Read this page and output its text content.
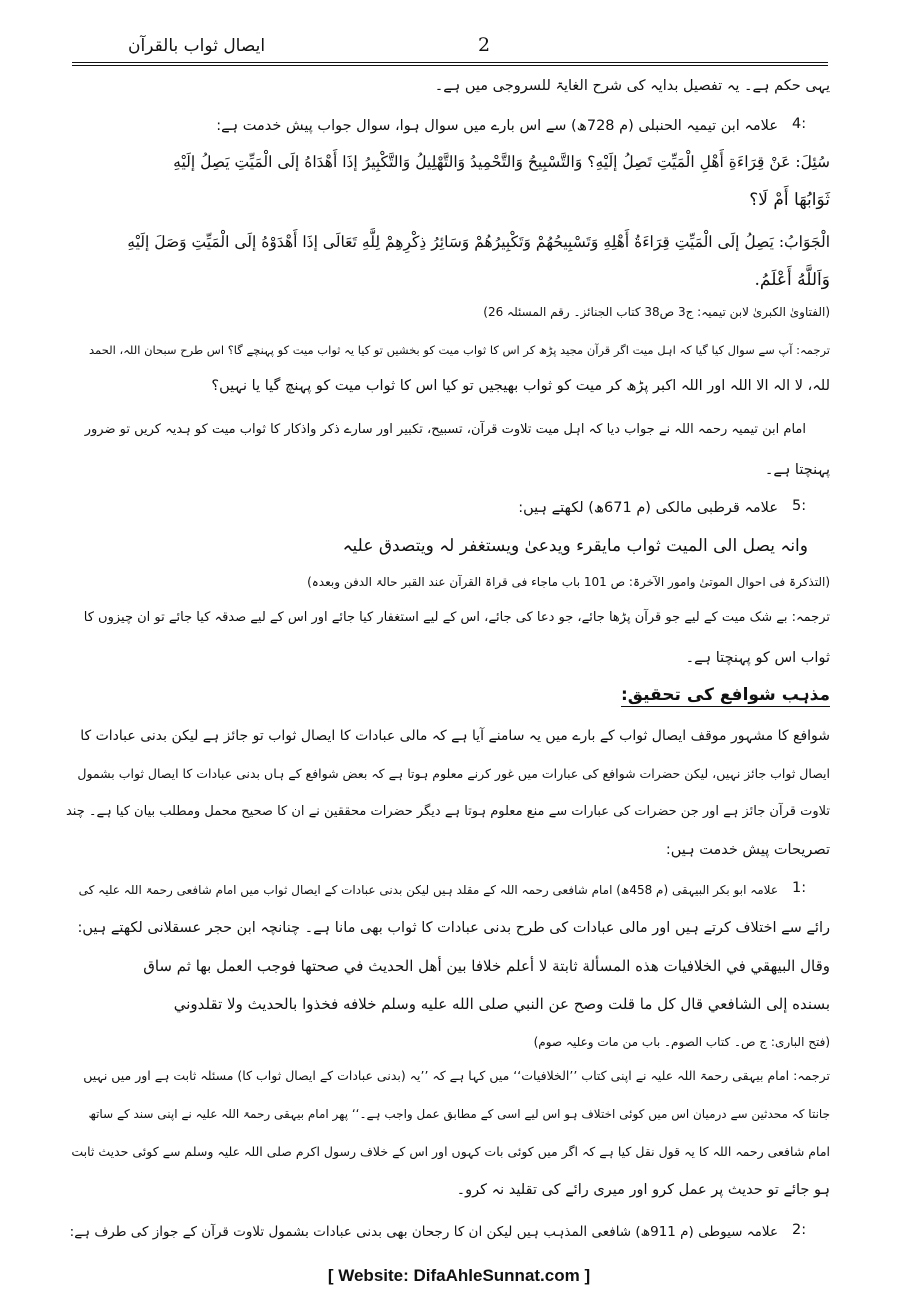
ایصال ثواب بالقرآن	2
یہی حکم ہے۔ یہ تفصیل بدایہ کی شرح الغایۃ للسروجی میں ہے۔
4:
علامہ ابن تیمیہ الحنبلی (م 728ھ) سے اس بارے میں سوال ہوا، سوال جواب پیش خدمت ہے:
سُئِلَ: عَنْ قِرَاءَةِ أَهْلِ الْمَيِّتِ تَصِلُ إلَيْهِ؟ وَالتَّسْبِيحُ وَالتَّحْمِيدُ وَالتَّهْلِيلُ وَالتَّكْبِيرُ إذَا أَهْدَاهُ إلَى الْمَيِّتِ يَصِلُ إلَيْهِ
ثَوَابُهَا أَمْ لَا؟
الْجَوَابُ: يَصِلُ إلَى الْمَيِّتِ قِرَاءَةُ أَهْلِهِ وَتَسْبِيحُهُمْ وَتَكْبِيرُهُمْ وَسَائِرُ ذِكْرِهِمْ لِلَّهِ تَعَالَى إذَا أَهْدَوْهُ إلَى الْمَيِّتِ وَصَلَ إلَيْهِ
وَاَللَّهُ أَعْلَمُ.
(الفتاویٰ الکبریٰ لابن تیمیہ: ج3 ص38 کتاب الجنائز۔ رقم المسئلہ 26)
ترجمہ: آپ سے سوال کیا گیا کہ اہل میت اگر قرآن مجید پڑھ کر اس کا ثواب میت کو بخشیں تو کیا یہ ثواب میت کو پہنچے گا؟ اس طرح سبحان اللہ، الحمد
للہ، لا الہ الا اللہ اور اللہ اکبر پڑھ کر میت کو ثواب بھیجیں تو کیا اس کا ثواب میت کو پہنچ گیا یا نہیں؟
امام ابن تیمیہ رحمہ اللہ نے جواب دیا کہ اہل میت تلاوت قرآن، تسبیح، تکبیر اور سارے ذکر واذکار کا ثواب میت کو ہدیہ کریں تو ضرور
پہنچتا ہے۔
5:
علامہ قرطبی مالکی (م 671ھ) لکھتے ہیں:
وانہ یصل الی المیت ثواب مایقرء ویدعیٰ ویستغفر لہ ویتصدق علیہ
(التذکرۃ فی احوال الموتیٰ وامور الآخرۃ: ص 101 باب ماجاء فی قراۃ القرآن عند القبر حالۃ الدفن وبعدہ)
ترجمہ: بے شک میت کے لیے جو قرآن پڑھا جائے، جو دعا کی جائے، اس کے لیے استغفار کیا جائے اور اس کے لیے صدقہ کیا جائے تو ان چیزوں کا
ثواب اس کو پہنچتا ہے۔
مذہب شوافع کی تحقیق:
شوافع کا مشہور موقف ایصال ثواب کے بارے میں یہ سامنے آیا ہے کہ مالی عبادات کا ایصال ثواب تو جائز ہے لیکن بدنی عبادات کا
ایصال ثواب جائز نہیں، لیکن حضرات شوافع کی عبارات میں غور کرنے معلوم ہوتا ہے کہ بعض شوافع کے ہاں بدنی عبادات کا ایصال ثواب بشمول
تلاوت قرآن جائز ہے اور جن حضرات کی عبارات سے منع معلوم ہوتا ہے دیگر حضرات محققین نے ان کا صحیح محمل ومطلب بیان کیا ہے۔ چند
تصریحات پیش خدمت ہیں:
1:
علامہ ابو بکر البیہقی (م 458ھ) امام شافعی رحمہ اللہ کے مقلد ہیں لیکن بدنی عبادات کے ایصال ثواب میں امام شافعی رحمۃ اللہ علیہ کی
رائے سے اختلاف کرتے ہیں اور مالی عبادات کی طرح بدنی عبادات کا ثواب بھی مانا ہے۔ چنانچہ ابن حجر عسقلانی لکھتے ہیں:
وقال البيهقي في الخلافيات هذه المسألة ثابتة لا أعلم خلافا بين أهل الحديث في صحتها فوجب العمل بها ثم ساق
بسنده إلى الشافعي قال كل ما قلت وصح عن النبي صلى الله عليه وسلم خلافه فخذوا بالحديث ولا تقلدوني
(فتح الباری: ج ص۔ کتاب الصوم۔ باب من مات وعلیہ صوم)
ترجمہ: امام بیہقی رحمۃ اللہ علیہ نے اپنی کتاب ’’الخلافیات‘‘ میں کہا ہے کہ ’’یہ (بدنی عبادات کے ایصال ثواب کا) مسئلہ ثابت ہے اور میں نہیں
جانتا کہ محدثین سے درمیان اس میں کوئی اختلاف ہو اس لیے اسی کے مطابق عمل واجب ہے۔‘‘ پھر امام بیہقی رحمۃ اللہ علیہ نے اپنی سند کے ساتھ
امام شافعی رحمہ اللہ کا یہ قول نقل کیا ہے کہ اگر میں کوئی بات کہوں اور اس کے خلاف رسول اکرم صلی اللہ علیہ وسلم سے کوئی حدیث ثابت
ہو جائے تو حدیث پر عمل کرو اور میری رائے کی تقلید نہ کرو۔
2:
علامہ سیوطی (م 911ھ) شافعی المذہب ہیں لیکن ان کا رجحان بھی بدنی عبادات بشمول تلاوت قرآن کے جواز کی طرف ہے:
[ Website: DifaAhleSunnat.com ]
